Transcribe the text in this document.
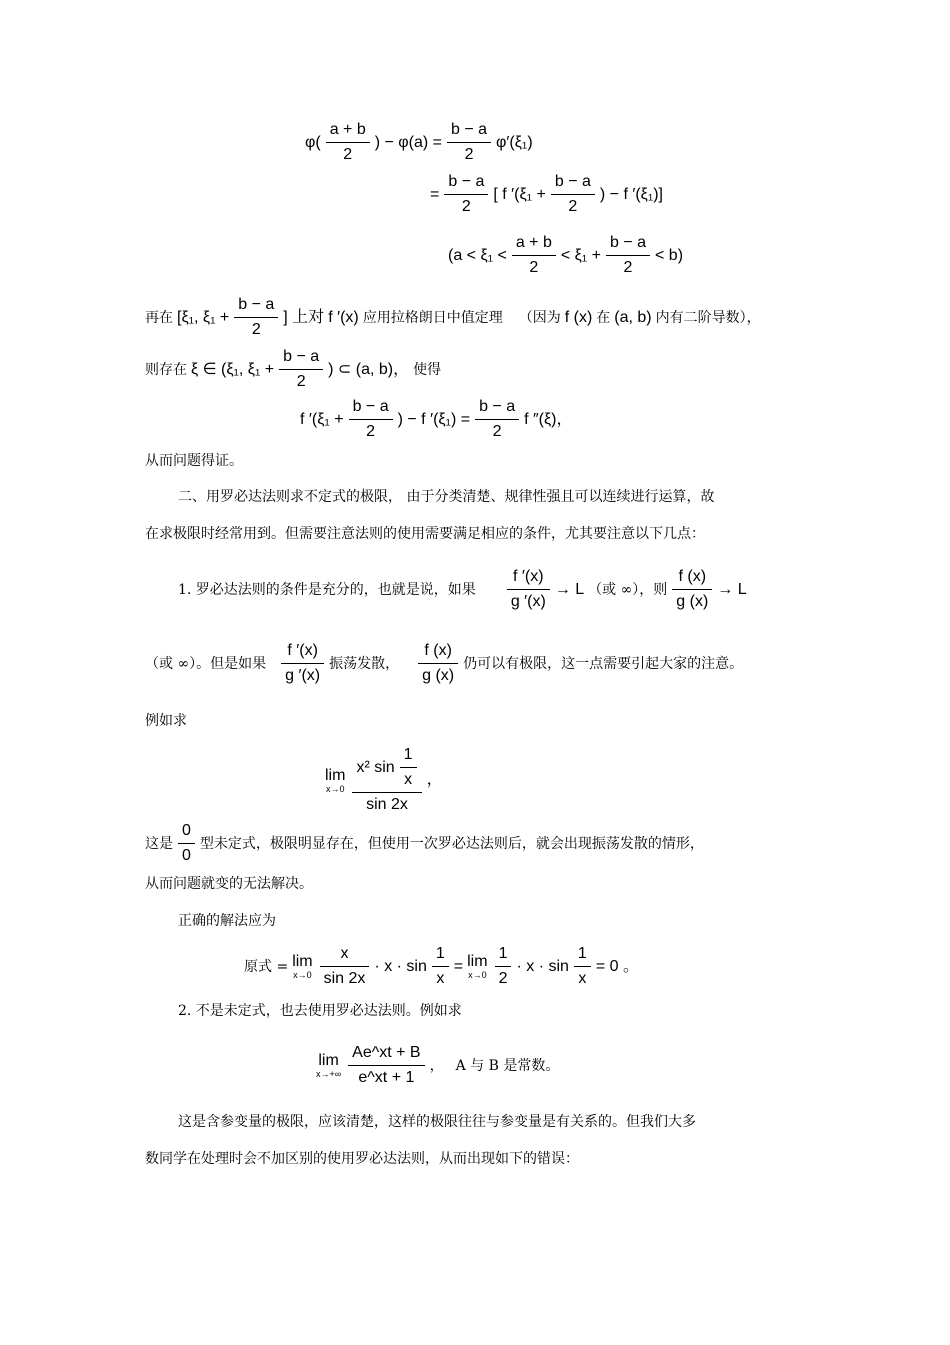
$\varphi( \frac{a + b}{2}$ ) − $\varphi(a) = \frac{b - a}{2} \varphi'(\xi_1)$
= $\frac{b - a}{2}$ [ f $'(\xi_1 + \frac{b - a}{2}$ ) − f ′(ξ₁)]
$(a < \xi_1 < \frac{a + b}{2} < \xi_1 + \frac{b - a}{2} < b)$
再在 [ξ₁, $\xi_1 + \frac{b - a}{2}$ ] 上对 f ′(x) 应用拉格朗日中值定理 （因为 f (x) 在 (a, b) 内有二阶导数），
则存在 ξ ∈ (ξ₁, $\xi_1 + \frac{b - a}{2}$ ) ⊂ (a, b)， 使得
f $'(\xi_1 + \frac{b - a}{2}$ ) − f $'(\xi_1) = \frac{b - a}{2}$ f ″(ξ)，
从而问题得证。
二、用罗必达法则求不定式的极限， 由于分类清楚、规律性强且可以连续进行运算，故
在求极限时经常用到。但需要注意法则的使用需要满足相应的条件，尤其要注意以下几点：
1. 罗必达法则的条件是充分的，也就是说，如果 $\frac{f '(x)}{g '(x)} \to L$ （或 ∞），则 $\frac{f (x)}{g (x)} \to L$
（或 ∞）。但是如果 $\frac{f '(x)}{g '(x)}$ 振荡发散， $\frac{f (x)}{g (x)}$ 仍可以有极限，这一点需要引起大家的注意。
例如求
lim
$x\to 0 \frac{x^2 \sin \frac{1}{x}}{\sin 2x}$ ，
这是 $\frac{0}{0}$ 型未定式，极限明显存在，但使用一次罗必达法则后，就会出现振荡发散的情形，
从而问题就变的无法解决。
正确的解法应为
原式 = lim
$x\to 0 \frac{x}{\sin 2x} \cdot x \cdot \sin \frac{1}{x} = \lim$
$x\to 0 \frac{1}{2} \cdot x \cdot \sin \frac{1}{x} = 0$ 。
2. 不是未定式，也去使用罗必达法则。例如求
lim
$x\to+\infty \frac{Ae\^{}xt + B}{e\^{}xt + 1}$ ， A 与 B 是常数。
这是含参变量的极限，应该清楚，这样的极限往往与参变量是有关系的。但我们大多
数同学在处理时会不加区别的使用罗必达法则，从而出现如下的错误：
